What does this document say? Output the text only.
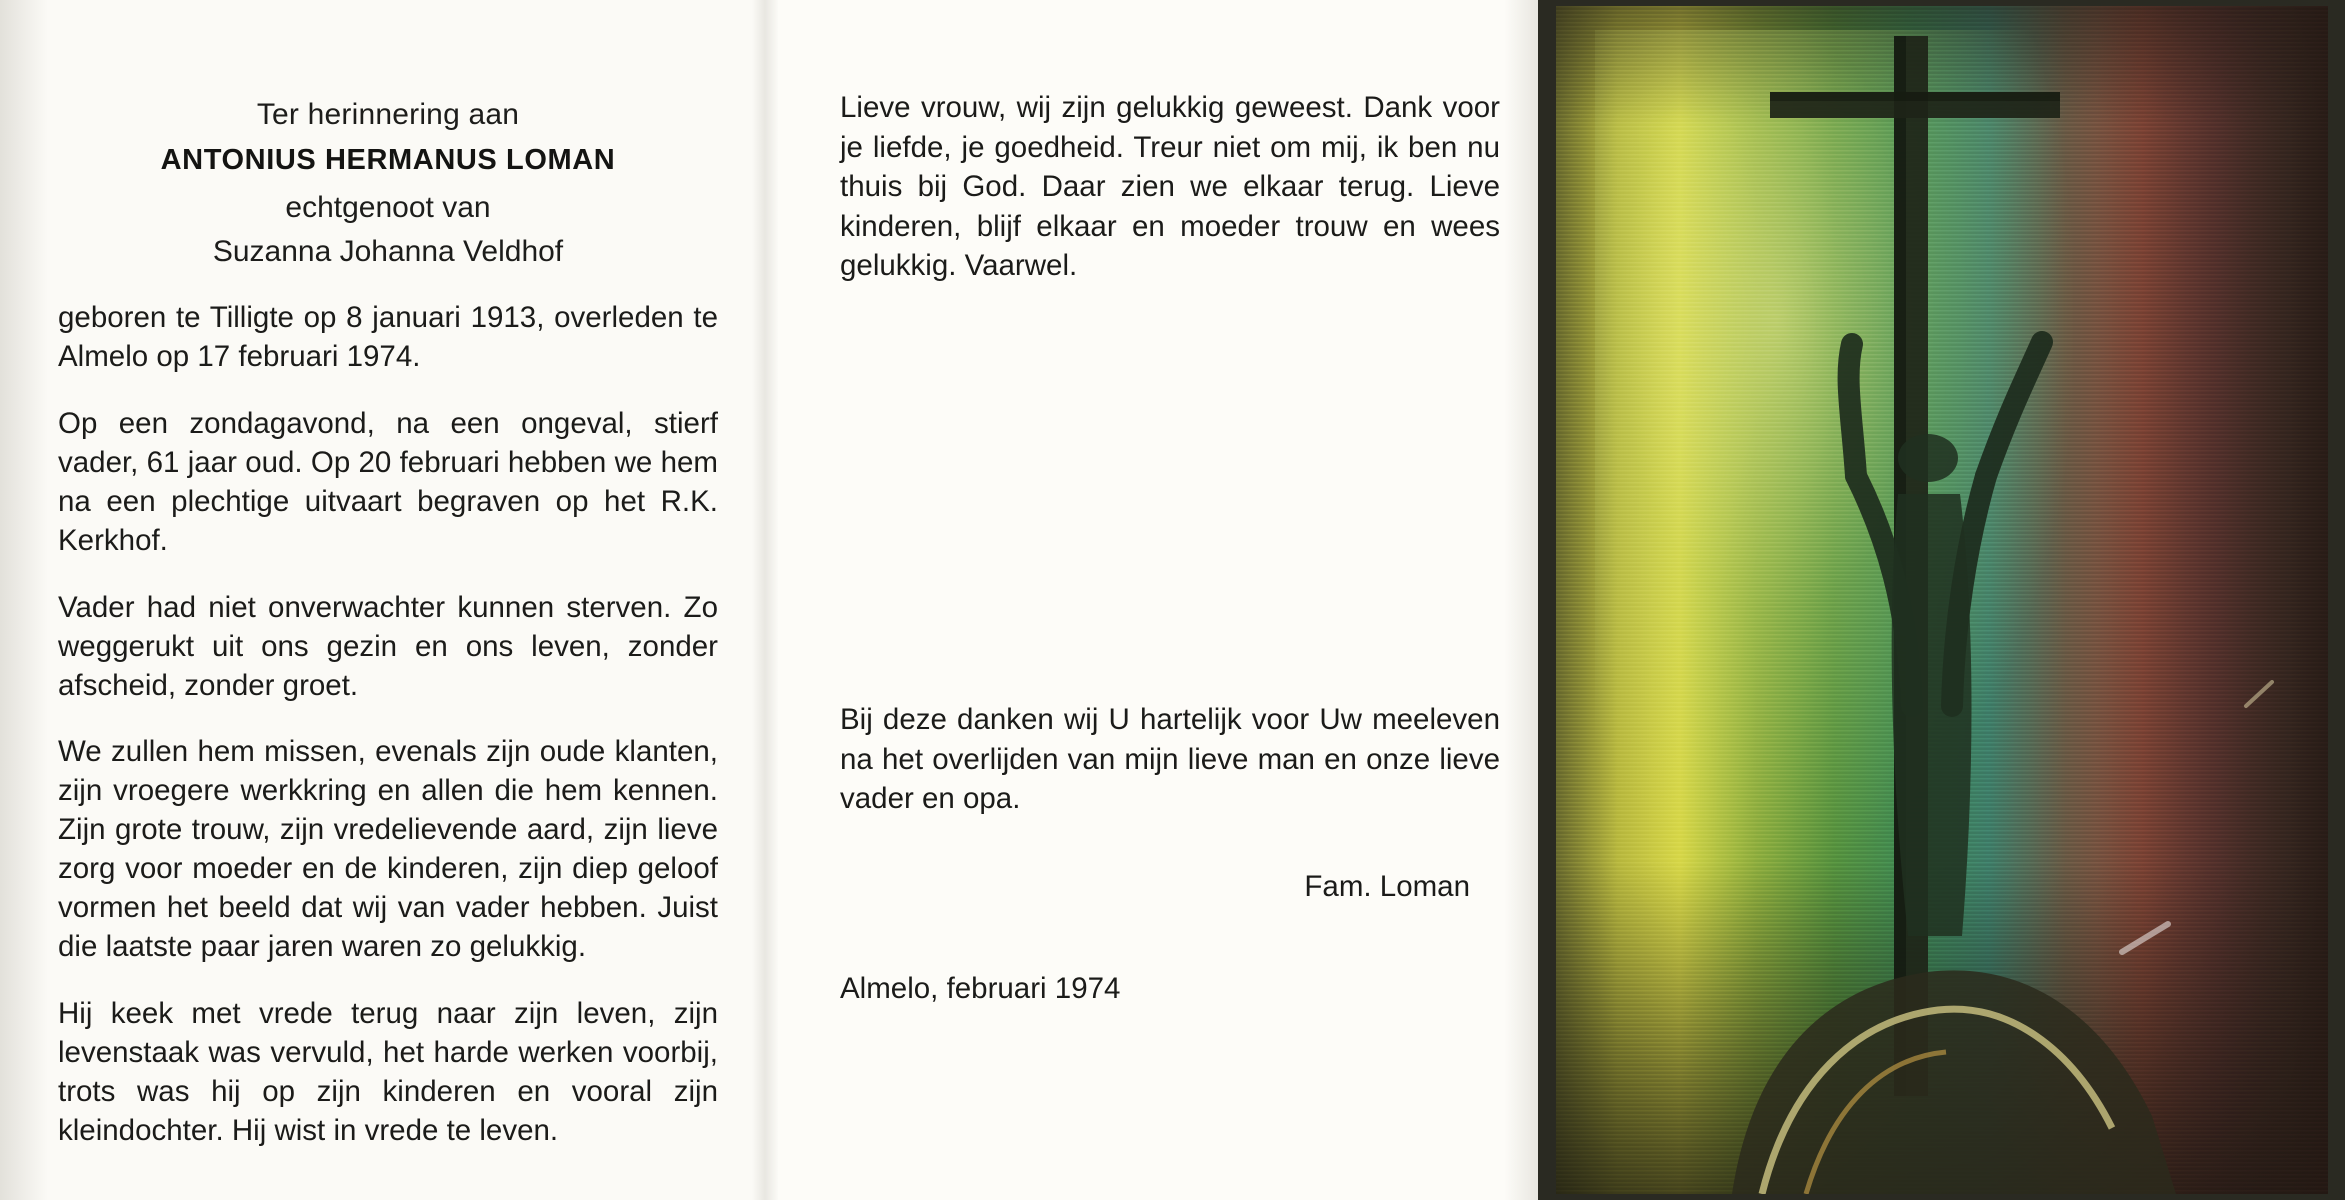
Ter herinnering aan
ANTONIUS HERMANUS LOMAN
echtgenoot van
Suzanna Johanna Veldhof

geboren te Tilligte op 8 januari 1913, overleden te Almelo op 17 februari 1974.

Op een zondagavond, na een ongeval, stierf vader, 61 jaar oud. Op 20 februari hebben we hem na een plechtige uitvaart begraven op het R.K. Kerkhof.

Vader had niet onverwachter kunnen sterven. Zo weggerukt uit ons gezin en ons leven, zonder afscheid, zonder groet.

We zullen hem missen, evenals zijn oude klanten, zijn vroegere werkkring en allen die hem kennen. Zijn grote trouw, zijn vredelievende aard, zijn lieve zorg voor moeder en de kinderen, zijn diep geloof vormen het beeld dat wij van vader hebben. Juist die laatste paar jaren waren zo gelukkig.

Hij keek met vrede terug naar zijn leven, zijn levenstaak was vervuld, het harde werken voorbij, trots was hij op zijn kinderen en vooral zijn kleindochter. Hij wist in vrede te leven.

Lieve vrouw, wij zijn gelukkig geweest. Dank voor je liefde, je goedheid. Treur niet om mij, ik ben nu thuis bij God. Daar zien we elkaar terug. Lieve kinderen, blijf elkaar en moeder trouw en wees gelukkig. Vaarwel.

Bij deze danken wij U hartelijk voor Uw meeleven na het overlijden van mijn lieve man en onze lieve vader en opa.
Fam. Loman
Almelo, februari 1974
